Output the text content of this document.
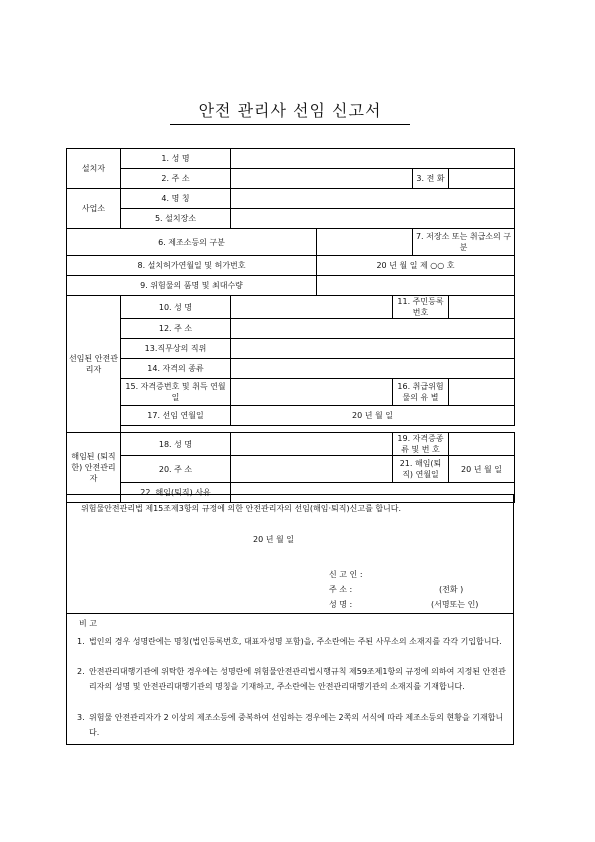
안전 관리사 선임 신고서
설치자	1. 성 명					
	2. 주 소				3. 전 화	
사업소	4. 명 칭					
	5. 설치장소					
6. 제조소등의 구분					7. 저장소 또는 취급소의 구분	
8. 설치허가연월일 및 허가번호			20 년 월 일 제 ○○ 호			
9. 위험물의 품명 및 최대수량						
선임된 안전관리자	10. 성 명			11. 주민등록번호		
	12. 주 소					
	13.직무상의 직위					
	14. 자격의 종류					
	15. 자격증번호 및 취득 연월일			16. 취급위험물의 유 별		
	17. 선임 연월일	20 년 월 일				

해임된 (퇴직한) 안전관리자	18. 성 명			19. 자격증종류 및 번 호		
	20. 주 소			21. 해임(퇴직) 연월일		20 년 월 일
	22. 해임(퇴직) 사유					
위험물안전관리법 제15조제3항의 규정에 의한 안전관리자의 선임(해임·퇴직)신고를 합니다.
20 년 월 일
신 고 인 :
주 소 :	(전화 )
성 명 :	(서명또는 인)
비 고
1. 법인의 경우 성명란에는 명칭(법인등록번호, 대표자성명 포함)을, 주소란에는 주된 사무소의 소재지를 각각 기입합니다.
2. 안전관리대행기관에 위탁한 경우에는 성명란에 위험물안전관리법시행규칙 제59조제1항의 규정에 의하여 지정된 안전관리자의 성명 및 안전관리대행기관의 명칭을 기재하고, 주소란에는 안전관리대행기관의 소재지를 기재합니다.
3. 위험물 안전관리자가 2 이상의 제조소등에 중복하여 선임하는 경우에는 2쪽의 서식에 따라 제조소등의 현황을 기재합니다.
